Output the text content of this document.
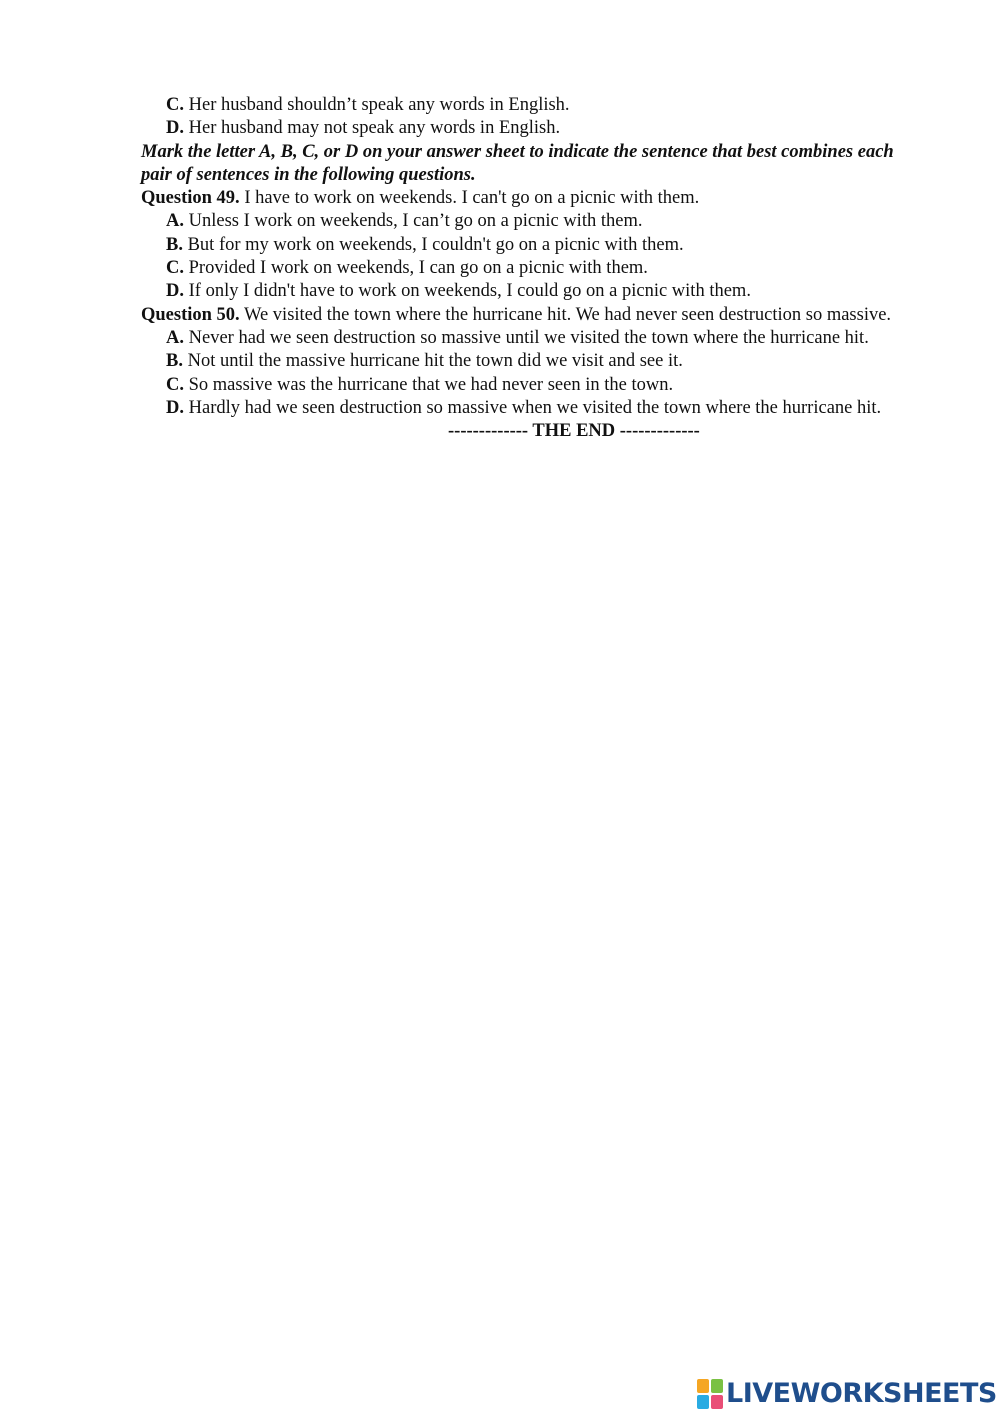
C. Her husband shouldn’t speak any words in English.
D. Her husband may not speak any words in English.
Mark the letter A, B, C, or D on your answer sheet to indicate the sentence that best combines each pair of sentences in the following questions.
Question 49. I have to work on weekends. I can't go on a picnic with them.
A. Unless I work on weekends, I can’t go on a picnic with them.
B. But for my work on weekends, I couldn't go on a picnic with them.
C. Provided I work on weekends, I can go on a picnic with them.
D. If only I didn't have to work on weekends, I could go on a picnic with them.
Question 50. We visited the town where the hurricane hit. We had never seen destruction so massive.
A. Never had we seen destruction so massive until we visited the town where the hurricane hit.
B. Not until the massive hurricane hit the town did we visit and see it.
C. So massive was the hurricane that we had never seen in the town.
D. Hardly had we seen destruction so massive when we visited the town where the hurricane hit.
------------- THE END -------------
LIVEWORKSHEETS
